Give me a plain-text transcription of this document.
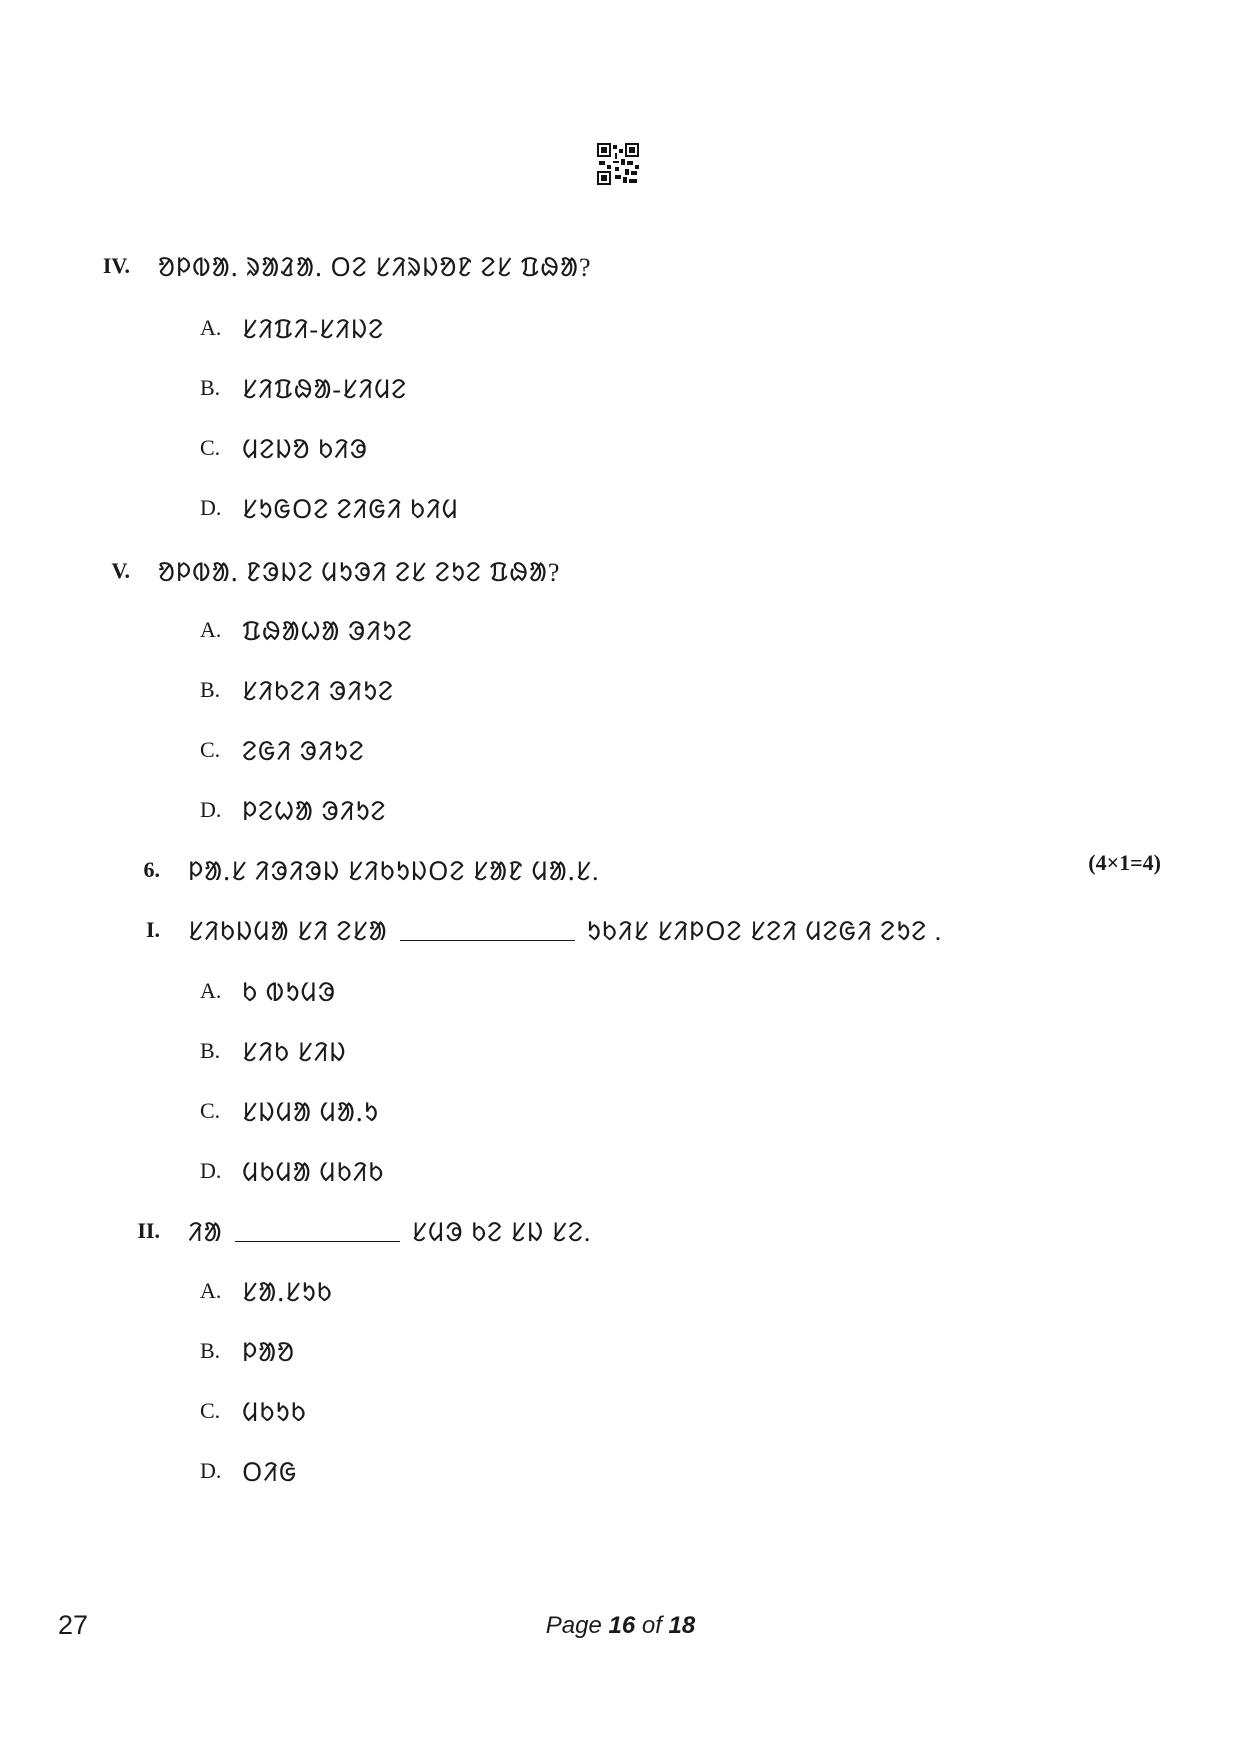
IV.	ᱚᱞᱵᱟᱹ ᱨᱟᱲᱟᱹ ᱛᱮ ᱥᱤᱨᱡᱚᱱ ᱮᱥ ᱯᱷᱟ?
A. ᱥᱤᱯᱤ-ᱥᱤᱡᱮ
B. ᱥᱤᱯᱷᱟ-ᱥᱤᱢᱮ
C. ᱢᱮᱡᱚ ᱠᱤᱳ
D. ᱥᱩᱜᱛᱮ ᱮᱤᱜᱤ ᱠᱤᱢ
V.	ᱚᱞᱵᱟᱹ ᱱᱳᱡᱮ ᱢᱩᱳᱤ ᱮᱥ ᱮᱩᱮ ᱯᱷᱟ?
A. ᱯᱷᱟᱦᱟ ᱳᱤᱩᱮ
B. ᱥᱤᱠᱮᱤ ᱳᱤᱩᱮ
C. ᱮᱜᱤ ᱳᱤᱩᱮ
D. ᱞᱮᱦᱟ ᱳᱤᱩᱮ
6.	ᱞᱟᱹᱥ ᱤᱳᱤᱳᱡ ᱥᱤᱠᱩᱡᱛᱮ ᱥᱟᱱ ᱢᱟᱹᱥ.	(4×1=4)
I.	ᱥᱤᱠᱡᱢᱟ ᱥᱤ ᱮᱥᱟ	ᱩᱠᱤᱥ ᱥᱤᱞᱛᱮ ᱥᱮᱤ ᱢᱮᱜᱤ ᱮᱩᱮ .
A. ᱠ ᱵᱩᱢᱳ
B. ᱥᱤᱠ ᱥᱤᱡ
C. ᱥᱡᱢᱟ ᱢᱟᱹᱩ
D. ᱢᱠᱢᱟ ᱢᱠᱤᱠ
II.	ᱤᱟ	ᱥᱢᱳ ᱠᱮ ᱥᱡ ᱥᱮ.
A. ᱥᱟᱹᱥᱩᱠ
B. ᱞᱟᱚ
C. ᱢᱠᱩᱠ
D. ᱛᱤᱜ
27	Page 16 of 18
